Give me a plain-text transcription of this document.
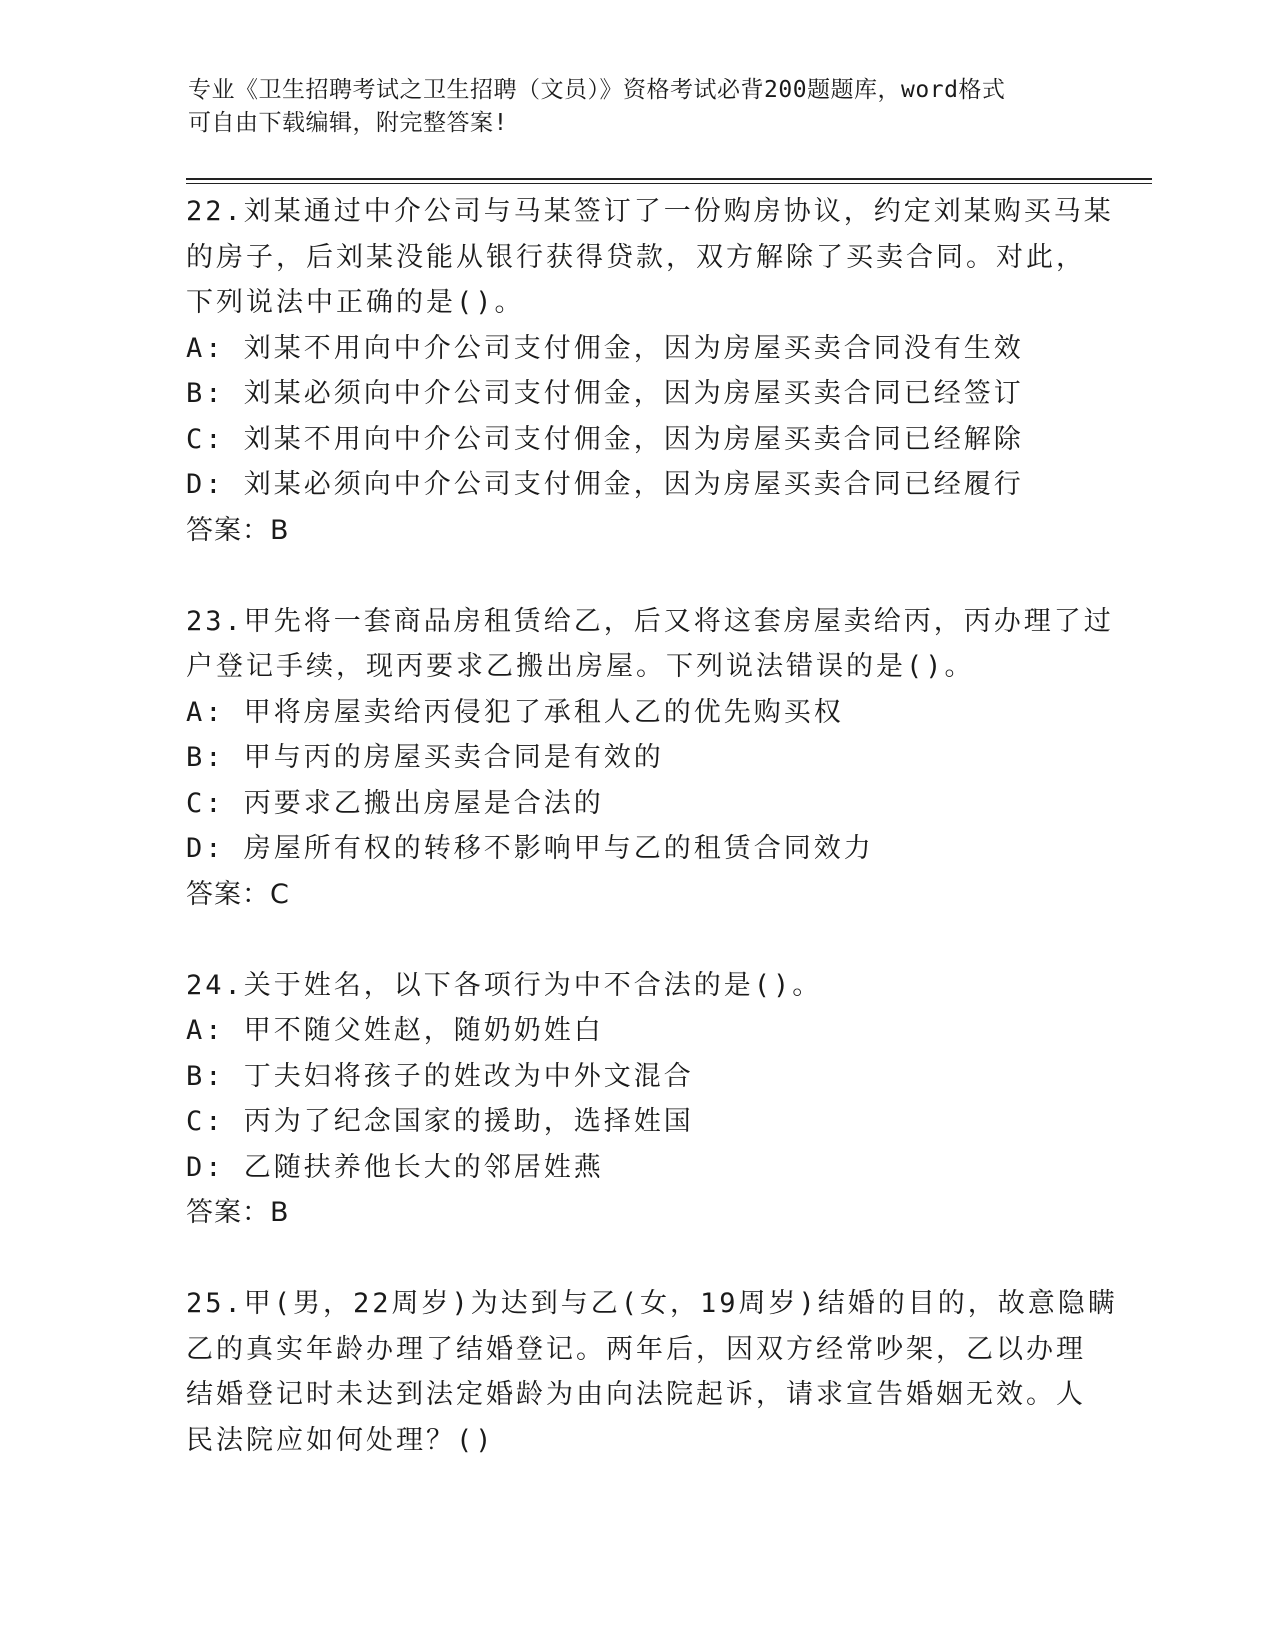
专业《卫生招聘考试之卫生招聘（文员）》资格考试必背200题题库，word格式
可自由下载编辑，附完整答案!
22.刘某通过中介公司与马某签订了一份购房协议，约定刘某购买马某
的房子，后刘某没能从银行获得贷款，双方解除了买卖合同。对此，
下列说法中正确的是()。
A: 刘某不用向中介公司支付佣金，因为房屋买卖合同没有生效
B: 刘某必须向中介公司支付佣金，因为房屋买卖合同已经签订
C: 刘某不用向中介公司支付佣金，因为房屋买卖合同已经解除
D: 刘某必须向中介公司支付佣金，因为房屋买卖合同已经履行
答案：B
23.甲先将一套商品房租赁给乙，后又将这套房屋卖给丙，丙办理了过
户登记手续，现丙要求乙搬出房屋。下列说法错误的是()。
A: 甲将房屋卖给丙侵犯了承租人乙的优先购买权
B: 甲与丙的房屋买卖合同是有效的
C: 丙要求乙搬出房屋是合法的
D: 房屋所有权的转移不影响甲与乙的租赁合同效力
答案：C
24.关于姓名，以下各项行为中不合法的是()。
A: 甲不随父姓赵，随奶奶姓白
B: 丁夫妇将孩子的姓改为中外文混合
C: 丙为了纪念国家的援助，选择姓国
D: 乙随扶养他长大的邻居姓燕
答案：B
25.甲(男，22周岁)为达到与乙(女，19周岁)结婚的目的，故意隐瞒
乙的真实年龄办理了结婚登记。两年后，因双方经常吵架，乙以办理
结婚登记时未达到法定婚龄为由向法院起诉，请求宣告婚姻无效。人
民法院应如何处理？()
